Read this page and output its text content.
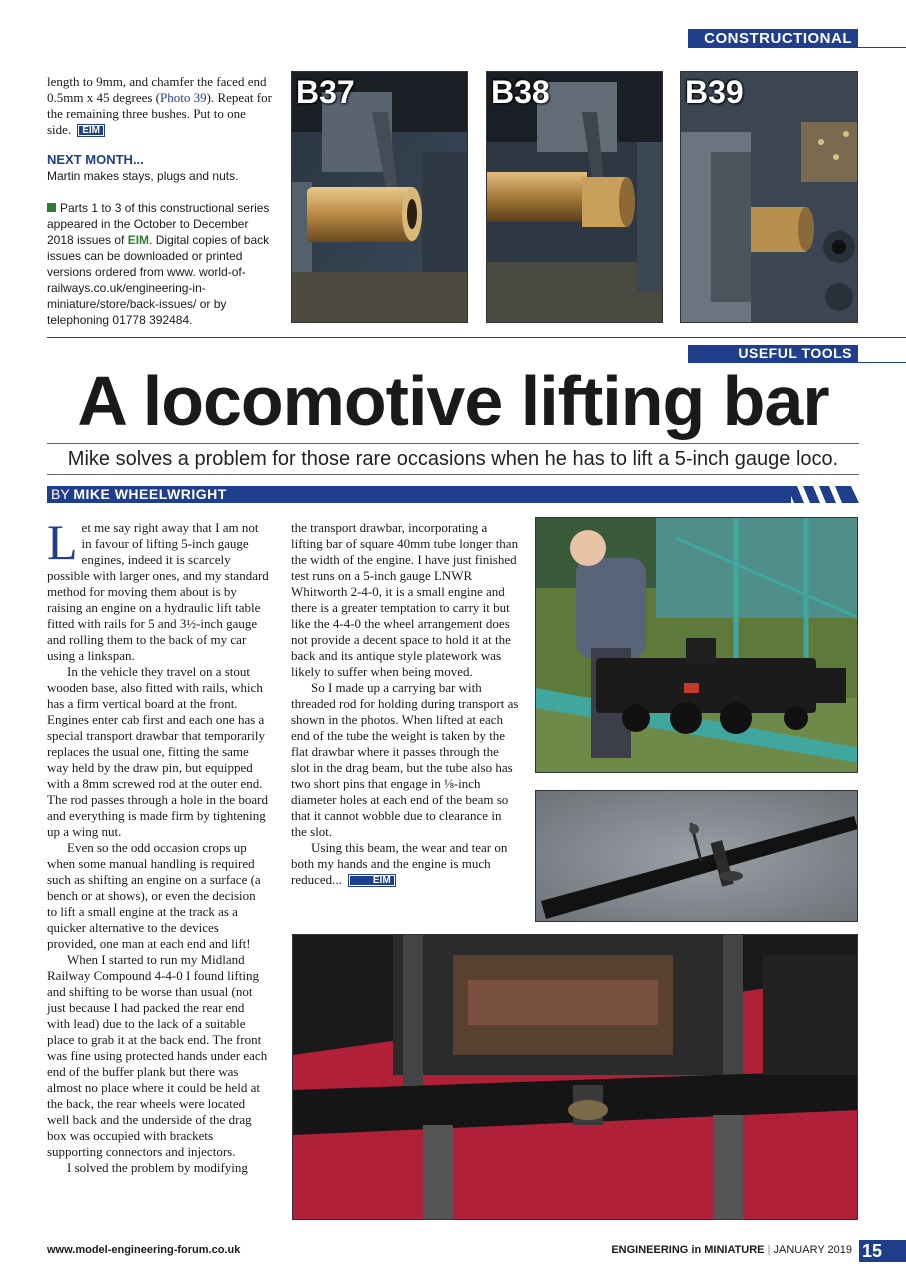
CONSTRUCTIONAL
length to 9mm, and chamfer the faced end 0.5mm x 45 degrees (Photo 39). Repeat for the remaining three bushes. Put to one side. EIM
NEXT MONTH...
Martin makes stays, plugs and nuts.
Parts 1 to 3 of this constructional series appeared in the October to December 2018 issues of EIM. Digital copies of back issues can be downloaded or printed versions ordered from www. world-of-railways.co.uk/engineering-in-miniature/store/back-issues/ or by telephoning 01778 392484.
B37	B38	B39
USEFUL TOOLS
A locomotive lifting bar
Mike solves a problem for those rare occasions when he has to lift a 5-inch gauge loco.
BY MIKE WHEELWRIGHT

Let me say right away that I am not in favour of lifting 5-inch gauge engines, indeed it is scarcely possible with larger ones, and my standard method for moving them about is by raising an engine on a hydraulic lift table fitted with rails for 5 and 3½-inch gauge and rolling them to the back of my car using a linkspan.

In the vehicle they travel on a stout wooden base, also fitted with rails, which has a firm vertical board at the front. Engines enter cab first and each one has a special transport drawbar that temporarily replaces the usual one, fitting the same way held by the draw pin, but equipped with a 8mm screwed rod at the outer end. The rod passes through a hole in the board and everything is made firm by tightening up a wing nut.

Even so the odd occasion crops up when some manual handling is required such as shifting an engine on a surface (a bench or at shows), or even the decision to lift a small engine at the track as a quicker alternative to the devices provided, one man at each end and lift!

When I started to run my Midland Railway Compound 4-4-0 I found lifting and shifting to be worse than usual (not just because I had packed the rear end with lead) due to the lack of a suitable place to grab it at the back end. The front was fine using protected hands under each end of the buffer plank but there was almost no place where it could be held at the back, the rear wheels were located well back and the underside of the drag box was occupied with brackets supporting connectors and injectors.

I solved the problem by modifying

the transport drawbar, incorporating a lifting bar of square 40mm tube longer than the width of the engine. I have just finished test runs on a 5-inch gauge LNWR Whitworth 2-4-0, it is a small engine and there is a greater temptation to carry it but like the 4-4-0 the wheel arrangement does not provide a decent space to hold it at the back and its antique style platework was likely to suffer when being moved.

So I made up a carrying bar with threaded rod for holding during transport as shown in the photos. When lifted at each end of the tube the weight is taken by the flat drawbar where it passes through the slot in the drag beam, but the tube also has two short pins that engage in ⅛-inch diameter holes at each end of the beam so that it cannot wobble due to clearance in the slot.

Using this beam, the wear and tear on both my hands and the engine is much reduced...	EIM

www.model-engineering-forum.co.uk	ENGINEERING in MINIATURE | JANUARY 2019 15
